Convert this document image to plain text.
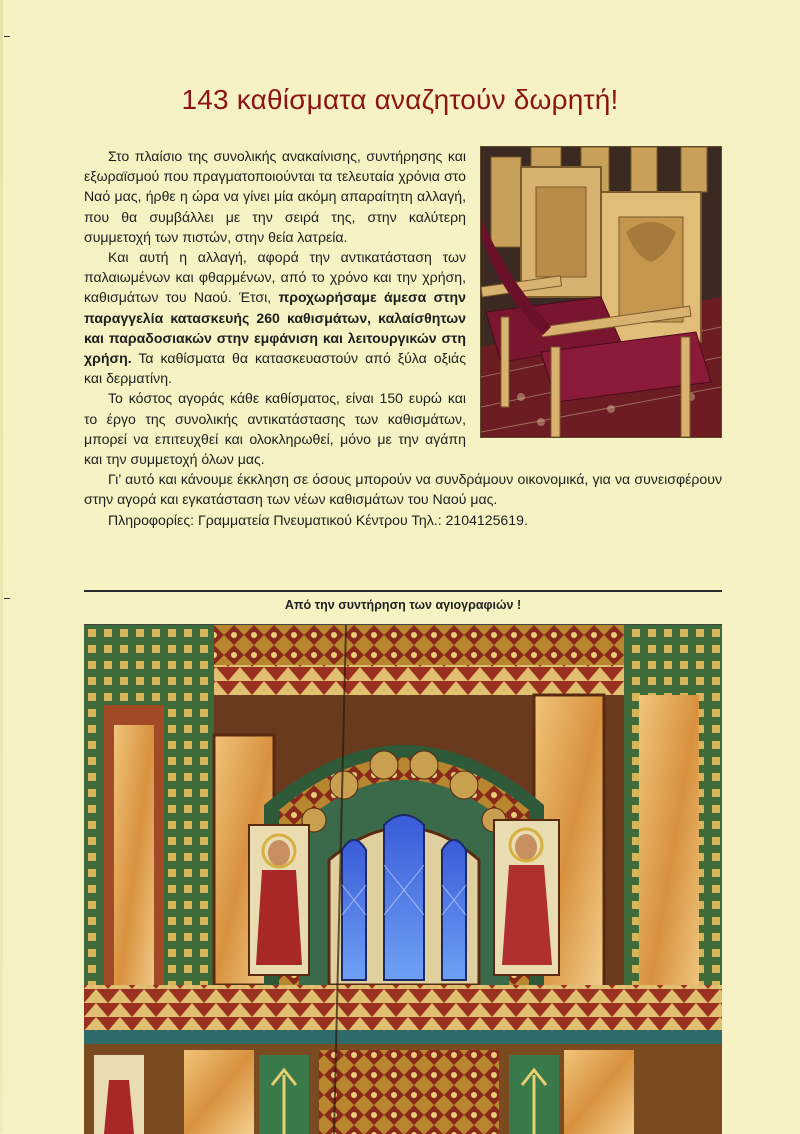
143 καθίσματα αναζητούν δωρητή!

Στο πλαίσιο της συνολικής ανακαίνισης, συντήρησης και εξωραϊσμού που πραγματοποιούνται τα τελευταία χρόνια στο Ναό μας, ήρθε η ώρα να γίνει μία ακόμη απαραίτητη αλλαγή, που θα συμβάλλει με την σειρά της, στην καλύτερη συμμετοχή των πιστών, στην θεία λατρεία.

Και αυτή η αλλαγή, αφορά την αντικατάσταση των παλαιωμένων και φθαρμένων, από το χρόνο και την χρήση, καθισμάτων του Ναού. Έτσι, προχωρήσαμε άμεσα στην παραγγελία κατασκευής 260 καθισμάτων, καλαίσθητων και παραδοσιακών στην εμφάνιση και λειτουργικών στη χρήση. Τα καθίσματα θα κατασκευαστούν από ξύλα οξιάς και δερματίνη.

Το κόστος αγοράς κάθε καθίσματος, είναι 150 ευρώ και το έργο της συνολικής αντικατάστασης των καθισμάτων, μπορεί να επιτευχθεί και ολοκληρωθεί, μόνο με την αγάπη και την συμμετοχή όλων μας.

Γι’ αυτό και κάνουμε έκκληση σε όσους μπορούν να συνδράμουν οικονομικά, για να συνεισφέρουν στην αγορά και εγκατάσταση των νέων καθισμάτων του Ναού μας.

Πληροφορίες: Γραμματεία Πνευματικού Κέντρου Τηλ.: 2104125619.

Από την συντήρηση των αγιογραφιών !
